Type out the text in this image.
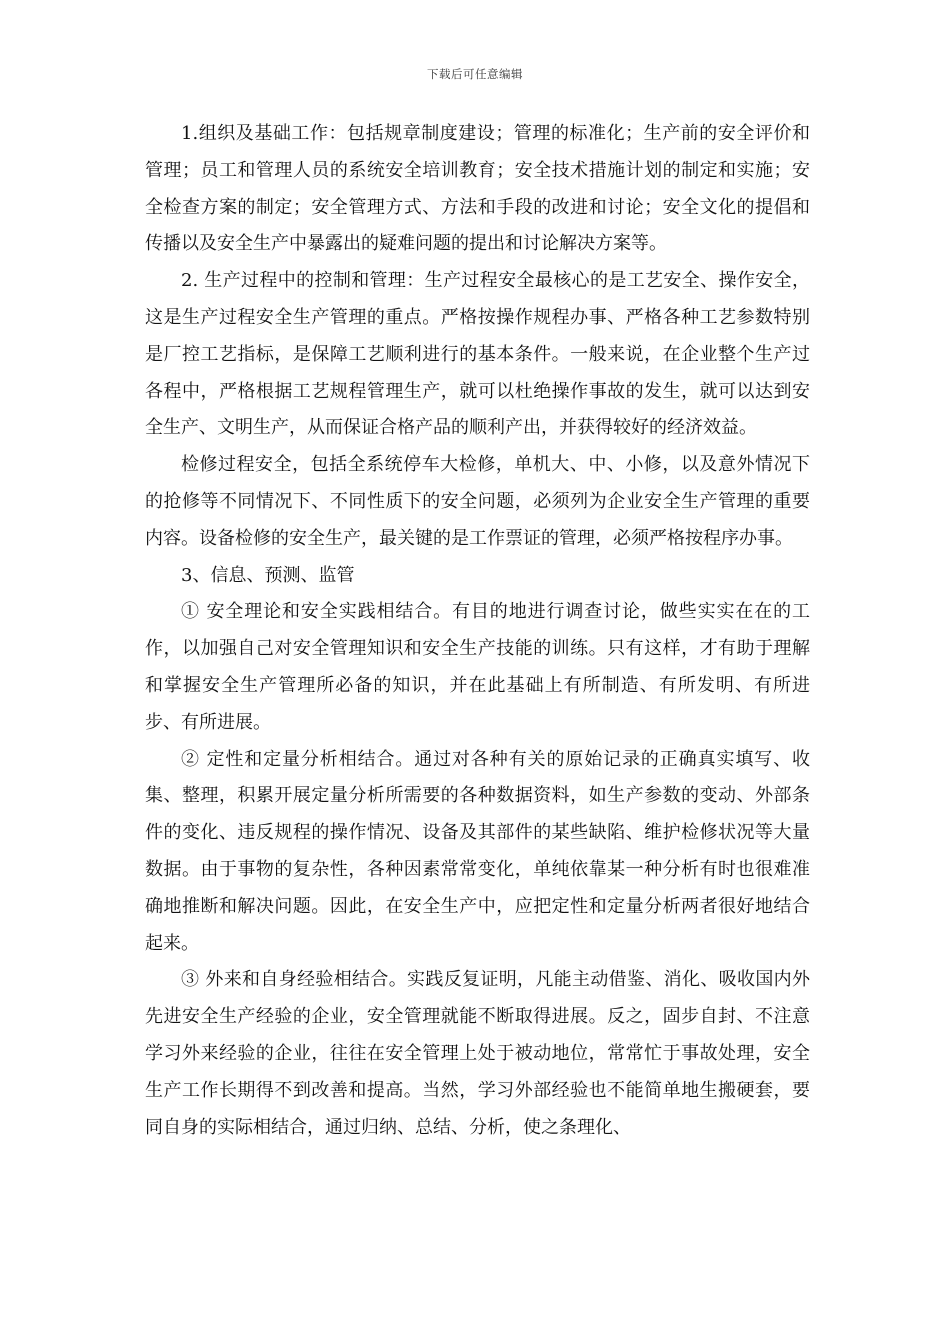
下载后可任意编辑

1.组织及基础工作：包括规章制度建设；管理的标准化；生产前的安全评价和管理；员工和管理人员的系统安全培训教育；安全技术措施计划的制定和实施；安全检查方案的制定；安全管理方式、方法和手段的改进和讨论；安全文化的提倡和传播以及安全生产中暴露出的疑难问题的提出和讨论解决方案等。

2. 生产过程中的控制和管理：生产过程安全最核心的是工艺安全、操作安全，这是生产过程安全生产管理的重点。严格按操作规程办事、严格各种工艺参数特别是厂控工艺指标，是保障工艺顺利进行的基本条件。一般来说，在企业整个生产过各程中，严格根据工艺规程管理生产，就可以杜绝操作事故的发生，就可以达到安全生产、文明生产，从而保证合格产品的顺利产出，并获得较好的经济效益。

检修过程安全，包括全系统停车大检修，单机大、中、小修，以及意外情况下的抢修等不同情况下、不同性质下的安全问题，必须列为企业安全生产管理的重要内容。设备检修的安全生产，最关键的是工作票证的管理，必须严格按程序办事。

3、信息、预测、监管

① 安全理论和安全实践相结合。有目的地进行调查讨论，做些实实在在的工作，以加强自己对安全管理知识和安全生产技能的训练。只有这样，才有助于理解和掌握安全生产管理所必备的知识，并在此基础上有所制造、有所发明、有所进步、有所进展。

② 定性和定量分析相结合。通过对各种有关的原始记录的正确真实填写、收集、整理，积累开展定量分析所需要的各种数据资料，如生产参数的变动、外部条件的变化、违反规程的操作情况、设备及其部件的某些缺陷、维护检修状况等大量数据。由于事物的复杂性，各种因素常常变化，单纯依靠某一种分析有时也很难准确地推断和解决问题。因此，在安全生产中，应把定性和定量分析两者很好地结合起来。

③ 外来和自身经验相结合。实践反复证明，凡能主动借鉴、消化、吸收国内外先进安全生产经验的企业，安全管理就能不断取得进展。反之，固步自封、不注意学习外来经验的企业，往往在安全管理上处于被动地位，常常忙于事故处理，安全生产工作长期得不到改善和提高。当然，学习外部经验也不能简单地生搬硬套，要同自身的实际相结合，通过归纳、总结、分析，使之条理化、
